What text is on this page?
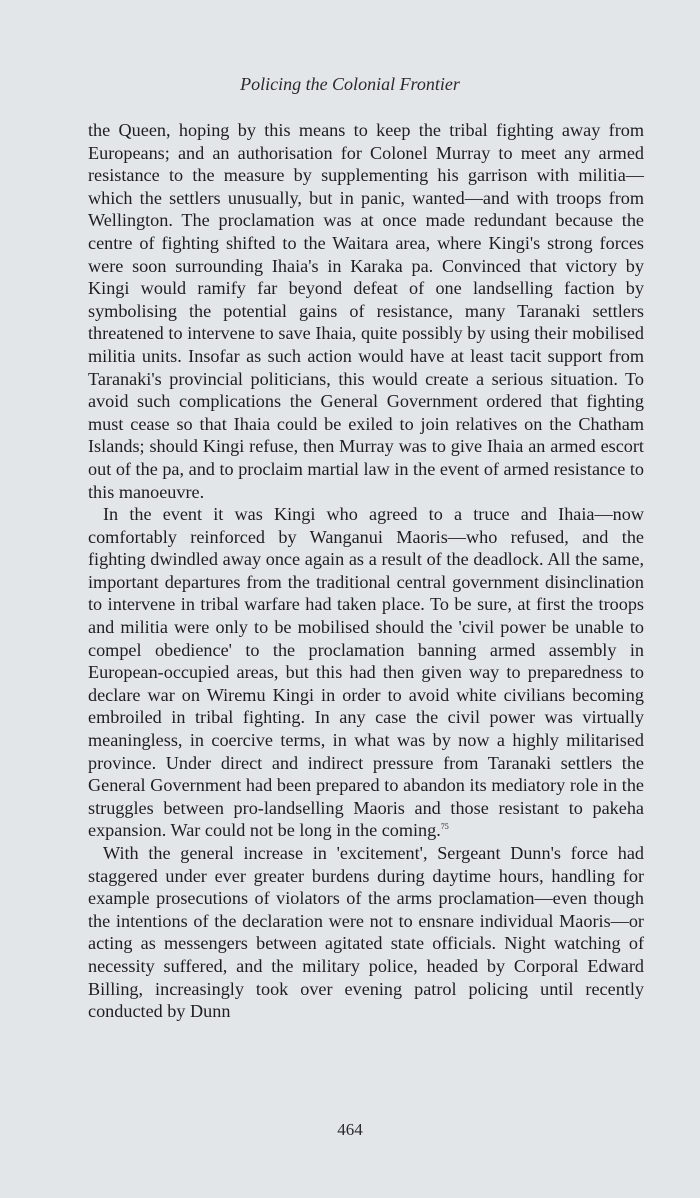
Policing the Colonial Frontier

the Queen, hoping by this means to keep the tribal fighting away from Europeans; and an authorisation for Colonel Murray to meet any armed resistance to the measure by supplementing his garrison with militia—which the settlers unusually, but in panic, wanted—and with troops from Wellington. The proclamation was at once made redundant because the centre of fighting shifted to the Waitara area, where Kingi's strong forces were soon surrounding Ihaia's in Karaka pa. Convinced that victory by Kingi would ramify far beyond defeat of one landselling faction by symbolising the potential gains of resistance, many Taranaki settlers threatened to intervene to save Ihaia, quite possibly by using their mobilised militia units. Insofar as such action would have at least tacit support from Taranaki's provincial politicians, this would create a serious situation. To avoid such complications the General Government ordered that fighting must cease so that Ihaia could be exiled to join relatives on the Chatham Islands; should Kingi refuse, then Murray was to give Ihaia an armed escort out of the pa, and to proclaim martial law in the event of armed resistance to this manoeuvre.

In the event it was Kingi who agreed to a truce and Ihaia—now comfortably reinforced by Wanganui Maoris—who refused, and the fighting dwindled away once again as a result of the deadlock. All the same, important departures from the traditional central government disinclination to intervene in tribal warfare had taken place. To be sure, at first the troops and militia were only to be mobilised should the 'civil power be unable to compel obedience' to the proclamation banning armed assembly in European-occupied areas, but this had then given way to preparedness to declare war on Wiremu Kingi in order to avoid white civilians becoming embroiled in tribal fighting. In any case the civil power was virtually meaningless, in coercive terms, in what was by now a highly militarised province. Under direct and indirect pressure from Taranaki settlers the General Government had been prepared to abandon its mediatory role in the struggles between pro-landselling Maoris and those resistant to pakeha expansion. War could not be long in the coming.$^{75}$

With the general increase in 'excitement', Sergeant Dunn's force had staggered under ever greater burdens during daytime hours, handling for example prosecutions of violators of the arms proclamation—even though the intentions of the declaration were not to ensnare individual Maoris—or acting as messengers between agitated state officials. Night watching of necessity suffered, and the military police, headed by Corporal Edward Billing, increasingly took over evening patrol policing until recently conducted by Dunn

464
